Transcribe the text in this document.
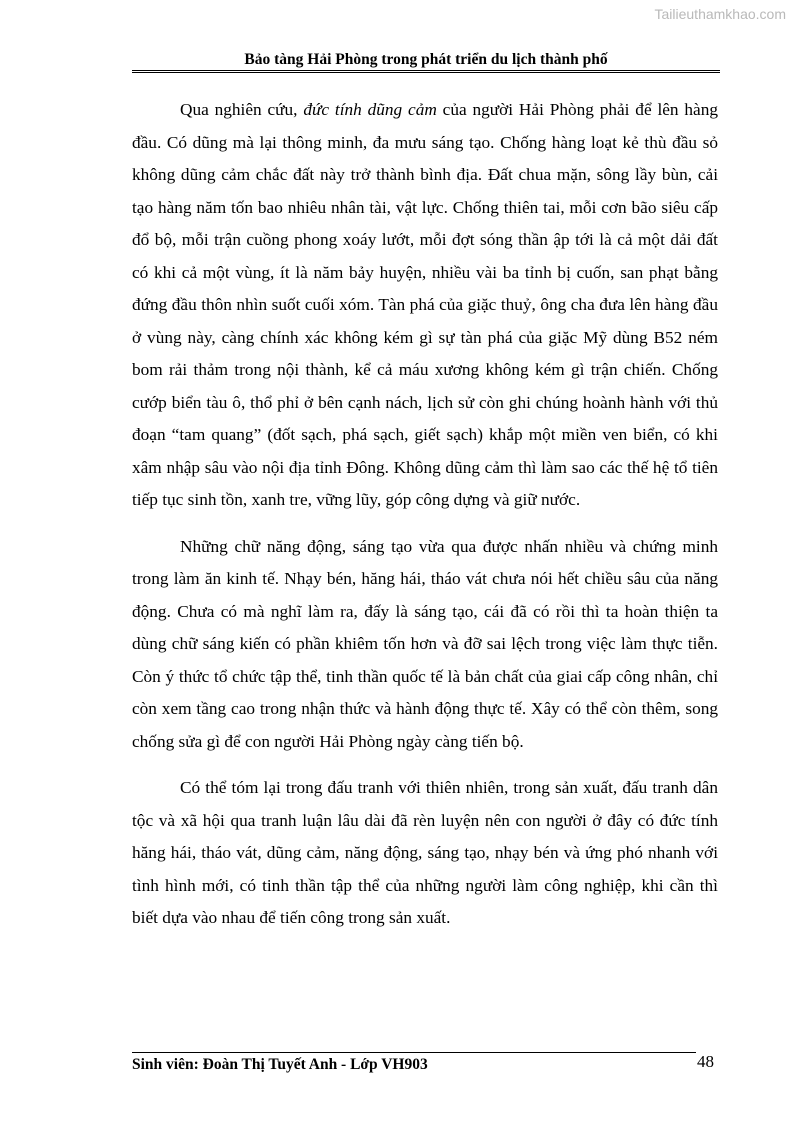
Tailieuthamkhao.com
Bảo tàng Hải Phòng trong phát triển du lịch thành phố

Qua nghiên cứu, đức tính dũng cảm của người Hải Phòng phải để lên hàng đầu. Có dũng mà lại thông minh, đa mưu sáng tạo. Chống hàng loạt kẻ thù đầu sỏ không dũng cảm chắc đất này trở thành bình địa. Đất chua mặn, sông lầy bùn, cải tạo hàng năm tốn bao nhiêu nhân tài, vật lực. Chống thiên tai, mỗi cơn bão siêu cấp đổ bộ, mỗi trận cuồng phong xoáy lướt, mỗi đợt sóng thần ập tới là cả một dải đất có khi cả một vùng, ít là năm bảy huyện, nhiều vài ba tỉnh bị cuốn, san phạt bằng đứng đầu thôn nhìn suốt cuối xóm. Tàn phá của giặc thuỷ, ông cha đưa lên hàng đầu ở vùng này, càng chính xác không kém gì sự tàn phá của giặc Mỹ dùng B52 ném bom rải thảm trong nội thành, kể cả máu xương không kém gì trận chiến. Chống cướp biển tàu ô, thổ phỉ ở bên cạnh nách, lịch sử còn ghi chúng hoành hành với thủ đoạn “tam quang” (đốt sạch, phá sạch, giết sạch) khắp một miền ven biển, có khi xâm nhập sâu vào nội địa tỉnh Đông. Không dũng cảm thì làm sao các thế hệ tổ tiên tiếp tục sinh tồn, xanh tre, vững lũy, góp công dựng và giữ nước.

Những chữ năng động, sáng tạo vừa qua được nhấn nhiều và chứng minh trong làm ăn kinh tế. Nhạy bén, hăng hái, tháo vát chưa nói hết chiều sâu của năng động. Chưa có mà nghĩ làm ra, đấy là sáng tạo, cái đã có rồi thì ta hoàn thiện ta dùng chữ sáng kiến có phần khiêm tốn hơn và đỡ sai lệch trong việc làm thực tiễn. Còn ý thức tổ chức tập thể, tinh thần quốc tế là bản chất của giai cấp công nhân, chỉ còn xem tầng cao trong nhận thức và hành động thực tế. Xây có thể còn thêm, song chống sửa gì để con người Hải Phòng ngày càng tiến bộ.

Có thể tóm lại trong đấu tranh với thiên nhiên, trong sản xuất, đấu tranh dân tộc và xã hội qua tranh luận lâu dài đã rèn luyện nên con người ở đây có đức tính hăng hái, tháo vát, dũng cảm, năng động, sáng tạo, nhạy bén và ứng phó nhanh với tình hình mới, có tinh thần tập thể của những người làm công nghiệp, khi cần thì biết dựa vào nhau để tiến công trong sản xuất.

Sinh viên: Đoàn Thị Tuyết Anh - Lớp VH903	48
